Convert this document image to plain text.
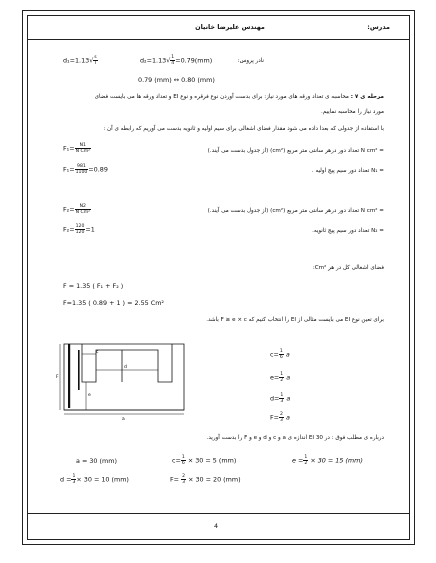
مدرس:
مهندس علیرضا خانیان
$d_1=1.13√ \frac{s}{I}$	$d_2=1.13√ \frac{1}{4} =0.79(mm)$	نادر پروس:
0.79 (mm) ↔ 0.80 (mm)
مرحله ی ۷ : محاسبه ی تعداد ورقه های مورد نیاز: برای بدست آوردن نوع فرقره و نوع EI و تعداد ورقه ها می بایست فضای
مورد نیاز را محاسبه نماییم.
با استفاده از جدولی که بعدا داده می شود مقدار فضای اشغالی برای سیم اولیه و ثانویه بدست می آوریم که رابطه ی آن :
$F_1= \frac{N1}{\text{N Cm²}}$	= N cm² تعداد دور درهر سانتی متر مربع (cm²) (از جدول بدست می آیند.)
$F_1= \frac{981}{1100} =0.89$	= N₁ تعداد دور سیم پیچ اولیه .
$F_2= \frac{N2}{\text{N Cm²}}$	= N cm² تعداد دور درهر سانتی متر مربع (cm²) (از جدول بدست می آیند.)
$F_2= \frac{120}{120} =1$	= N₂ تعداد دور سیم پیچ ثانویه.
فضای اشغالی کل در هر Cm²:
F = 1.35 ( F₁ + F₂ )
F=1.35 ( 0.89 + 1 ) = 2.55 Cm²
برای تعین نوع EI می بایست مثالی از EI را انتخاب کنیم که F ≥ e × c باشد.
c
d
F
e
a
$c= \frac{1}{6}$ a
$e= \frac{1}{2}$ a
$d= \frac{1}{3}$ a
$F= \frac{2}{3}$ a
درباره ی مطلب فوق : در EI 30 اندازه ی a و c و d و e و F را بدست آورید.
a = 30 (mm)	$c= \frac{1}{6} \times 30 = 5$ (mm)	$e = \frac{1}{2} \times 30 = 15$ (mm)
$d = \frac{1}{3} \times 30 = 10$ (mm)	$F= \frac{2}{3} \times 30 = 20$ (mm)
4
